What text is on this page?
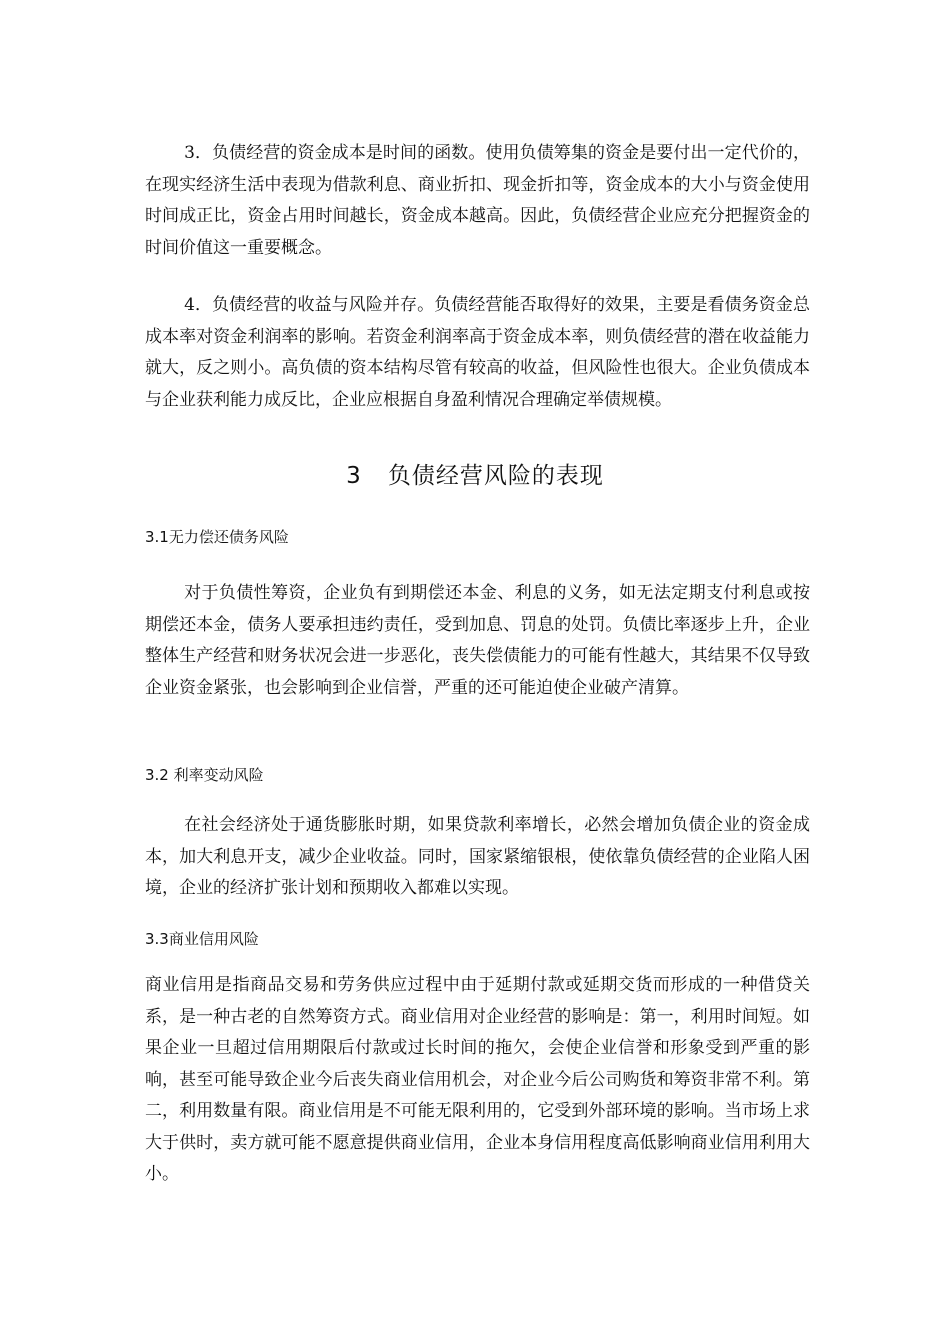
3．负债经营的资金成本是时间的函数。使用负债筹集的资金是要付出一定代价的，在现实经济生活中表现为借款利息、商业折扣、现金折扣等，资金成本的大小与资金使用时间成正比，资金占用时间越长，资金成本越高。因此，负债经营企业应充分把握资金的时间价值这一重要概念。

4．负债经营的收益与风险并存。负债经营能否取得好的效果，主要是看债务资金总成本率对资金利润率的影响。若资金利润率高于资金成本率，则负债经营的潜在收益能力就大，反之则小。高负债的资本结构尽管有较高的收益，但风险性也很大。企业负债成本与企业获利能力成反比，企业应根据自身盈利情况合理确定举债规模。

3 负债经营风险的表现
3.1无力偿还债务风险

对于负债性筹资，企业负有到期偿还本金、利息的义务，如无法定期支付利息或按期偿还本金，债务人要承担违约责任，受到加息、罚息的处罚。负债比率逐步上升，企业整体生产经营和财务状况会进一步恶化，丧失偿债能力的可能有性越大，其结果不仅导致企业资金紧张，也会影响到企业信誉，严重的还可能迫使企业破产清算。

3.2 利率变动风险

在社会经济处于通货膨胀时期，如果贷款利率增长，必然会增加负债企业的资金成本，加大利息开支，减少企业收益。同时，国家紧缩银根，使依靠负债经营的企业陷人困境，企业的经济扩张计划和预期收入都难以实现。

3.3商业信用风险

商业信用是指商品交易和劳务供应过程中由于延期付款或延期交货而形成的一种借贷关系，是一种古老的自然筹资方式。商业信用对企业经营的影响是：第一，利用时间短。如果企业一旦超过信用期限后付款或过长时间的拖欠，会使企业信誉和形象受到严重的影响，甚至可能导致企业今后丧失商业信用机会，对企业今后公司购货和筹资非常不利。第二，利用数量有限。商业信用是不可能无限利用的，它受到外部环境的影响。当市场上求大于供时，卖方就可能不愿意提供商业信用，企业本身信用程度高低影响商业信用利用大小。
